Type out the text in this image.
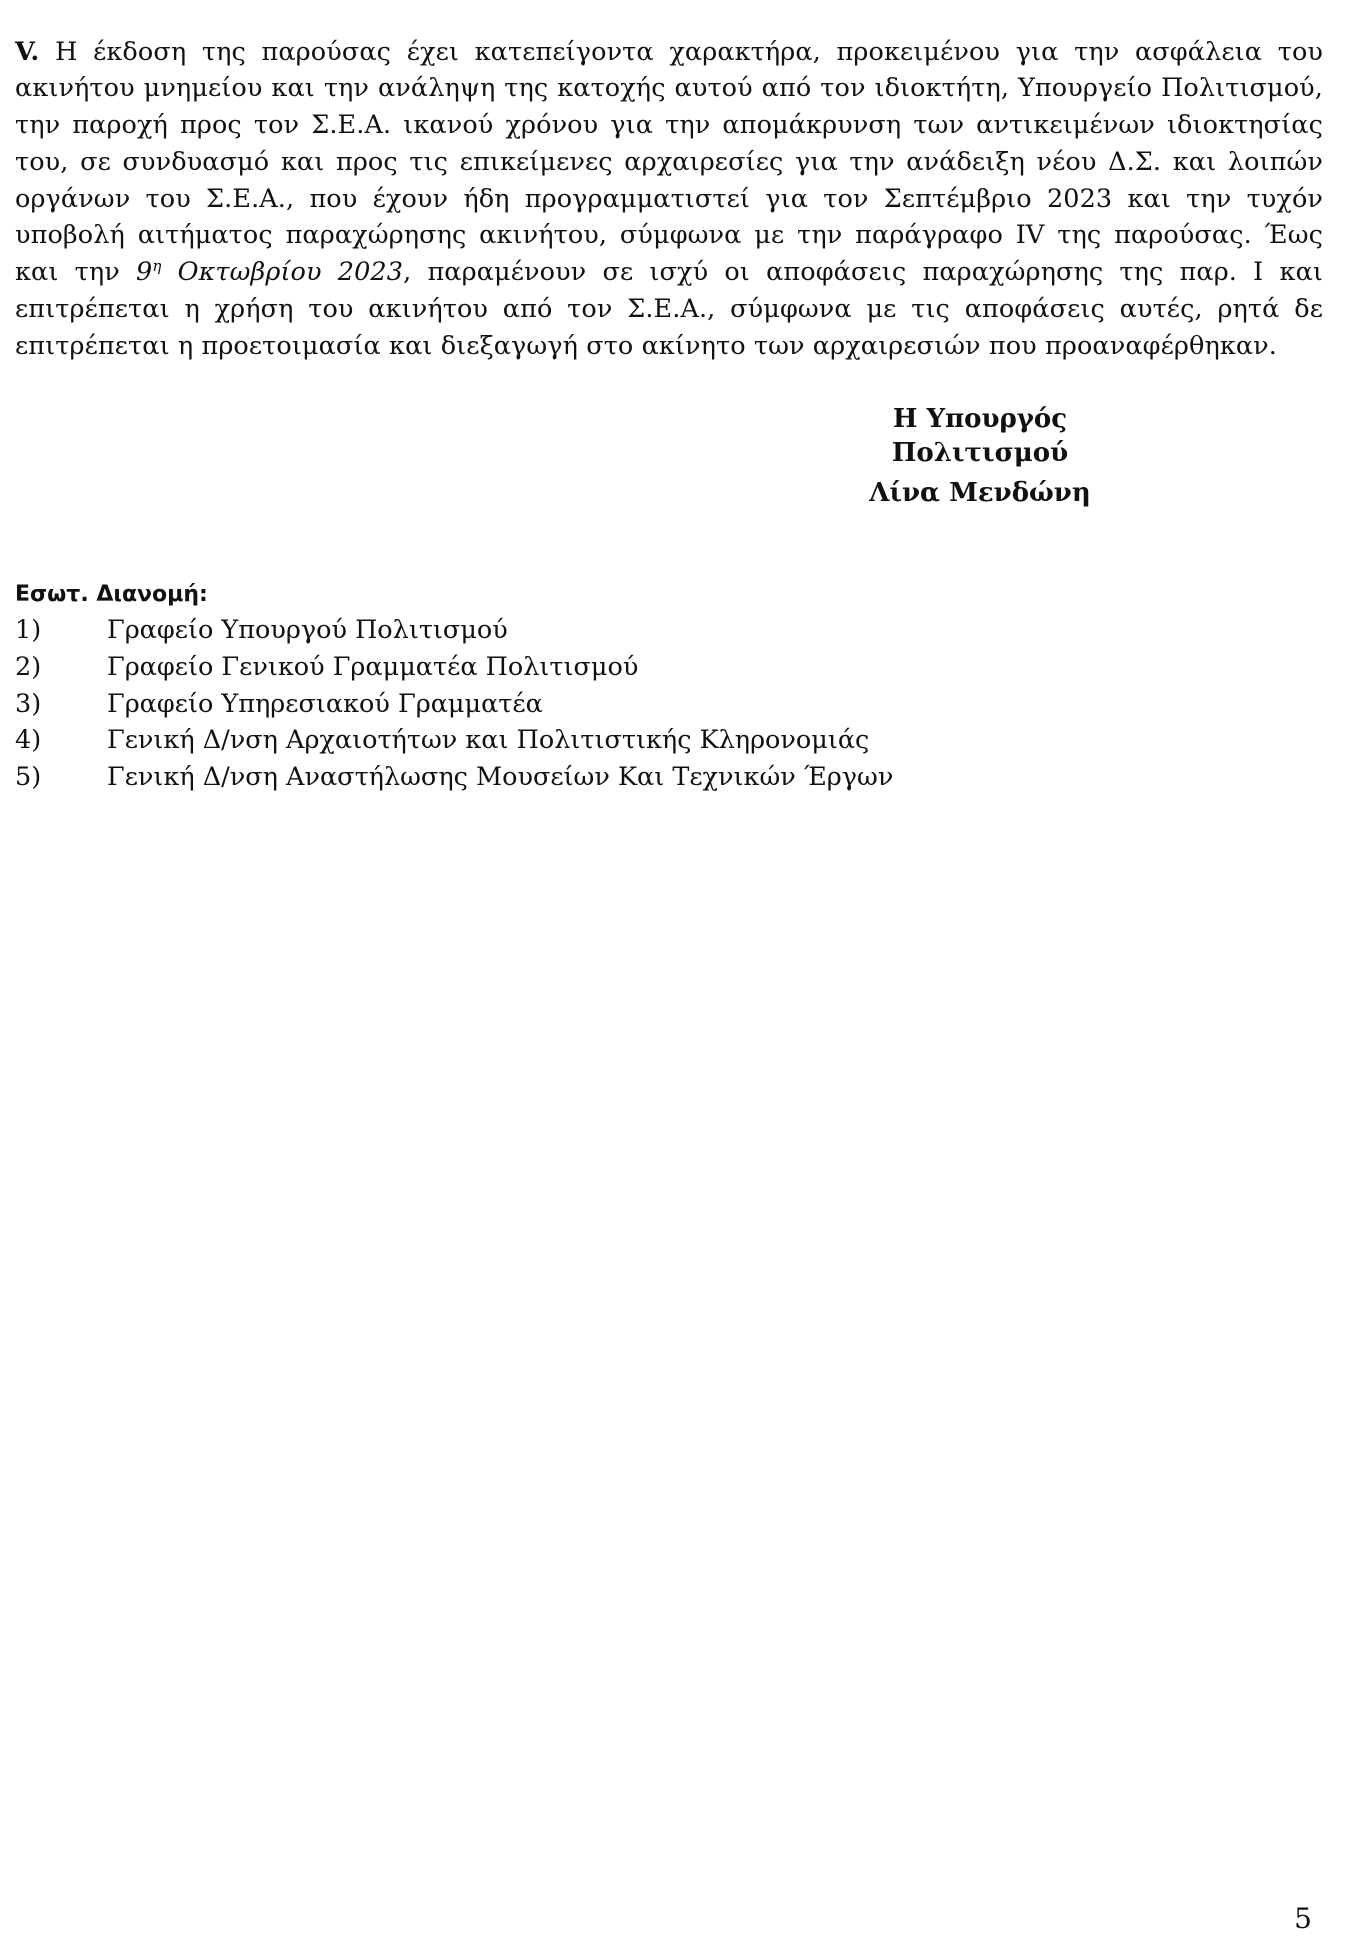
V. Η έκδοση της παρούσας έχει κατεπείγοντα χαρακτήρα, προκειμένου για την ασφάλεια του ακινήτου μνημείου και την ανάληψη της κατοχής αυτού από τον ιδιοκτήτη, Υπουργείο Πολιτισμού, την παροχή προς τον Σ.Ε.Α. ικανού χρόνου για την απομάκρυνση των αντικειμένων ιδιοκτησίας του, σε συνδυασμό και προς τις επικείμενες αρχαιρεσίες για την ανάδειξη νέου Δ.Σ. και λοιπών οργάνων του Σ.Ε.Α., που έχουν ήδη προγραμματιστεί για τον Σεπτέμβριο 2023 και την τυχόν υποβολή αιτήματος παραχώρησης ακινήτου, σύμφωνα με την παράγραφο IV της παρούσας. Έως και την $9^\eta$ Οκτωβρίου 2023, παραμένουν σε ισχύ οι αποφάσεις παραχώρησης της παρ. I και επιτρέπεται η χρήση του ακινήτου από τον Σ.Ε.Α., σύμφωνα με τις αποφάσεις αυτές, ρητά δε επιτρέπεται η προετοιμασία και διεξαγωγή στο ακίνητο των αρχαιρεσιών που προαναφέρθηκαν.

Η Υπουργός Πολιτισμού
Λίνα Μενδώνη
Εσωτ. Διανομή:
1)	Γραφείο Υπουργού Πολιτισμού
2)	Γραφείο Γενικού Γραμματέα Πολιτισμού
3)	Γραφείο Υπηρεσιακού Γραμματέα
4)	Γενική Δ/νση Αρχαιοτήτων και Πολιτιστικής Κληρονομιάς
5)	Γενική Δ/νση Αναστήλωσης Μουσείων Και Τεχνικών Έργων
5
